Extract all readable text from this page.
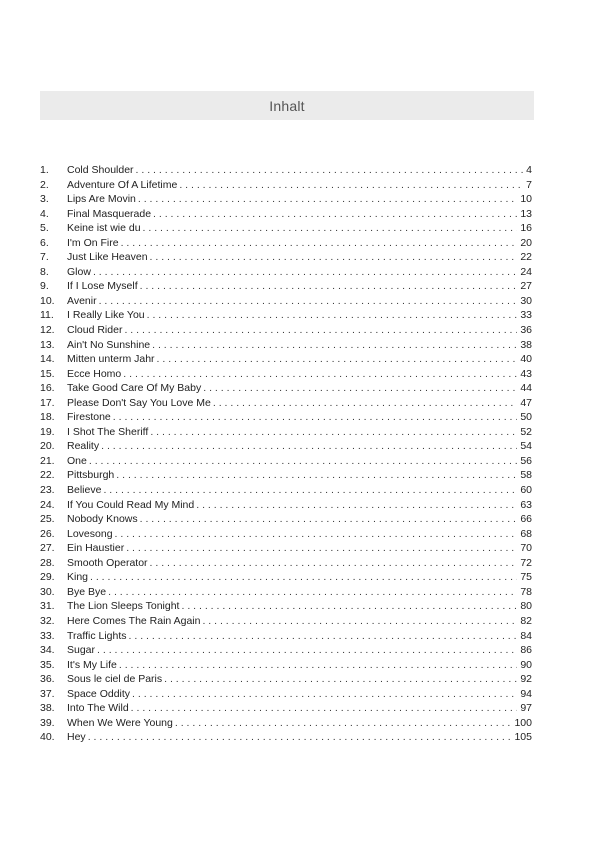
Inhalt
1.	Cold Shoulder . . .	4
2.	Adventure Of A Lifetime . . .	7
3.	Lips Are Movin . . .	10
4.	Final Masquerade . . .	13
5.	Keine ist wie du . . .	16
6.	I'm On Fire . . .	20
7.	Just Like Heaven . . .	22
8.	Glow . . .	24
9.	If I Lose Myself . . .	27
10.	Avenir . . .	30
11.	I Really Like You . . .	33
12.	Cloud Rider . . .	36
13.	Ain't No Sunshine . . .	38
14.	Mitten unterm Jahr . . .	40
15.	Ecce Homo . . .	43
16.	Take Good Care Of My Baby . . .	44
17.	Please Don't Say You Love Me . . .	47
18.	Firestone . . .	50
19.	I Shot The Sheriff . . .	52
20.	Reality . . .	54
21.	One . . .	56
22.	Pittsburgh . . .	58
23.	Believe . . .	60
24.	If You Could Read My Mind . . .	63
25.	Nobody Knows . . .	66
26.	Lovesong . . .	68
27.	Ein Haustier . . .	70
28.	Smooth Operator . . .	72
29.	King . . .	75
30.	Bye Bye . . .	78
31.	The Lion Sleeps Tonight . . .	80
32.	Here Comes The Rain Again . . .	82
33.	Traffic Lights . . .	84
34.	Sugar . . .	86
35.	It's My Life . . .	90
36.	Sous le ciel de Paris . . .	92
37.	Space Oddity . . .	94
38.	Into The Wild . . .	97
39.	When We Were Young . . .	100
40.	Hey . . .	105
